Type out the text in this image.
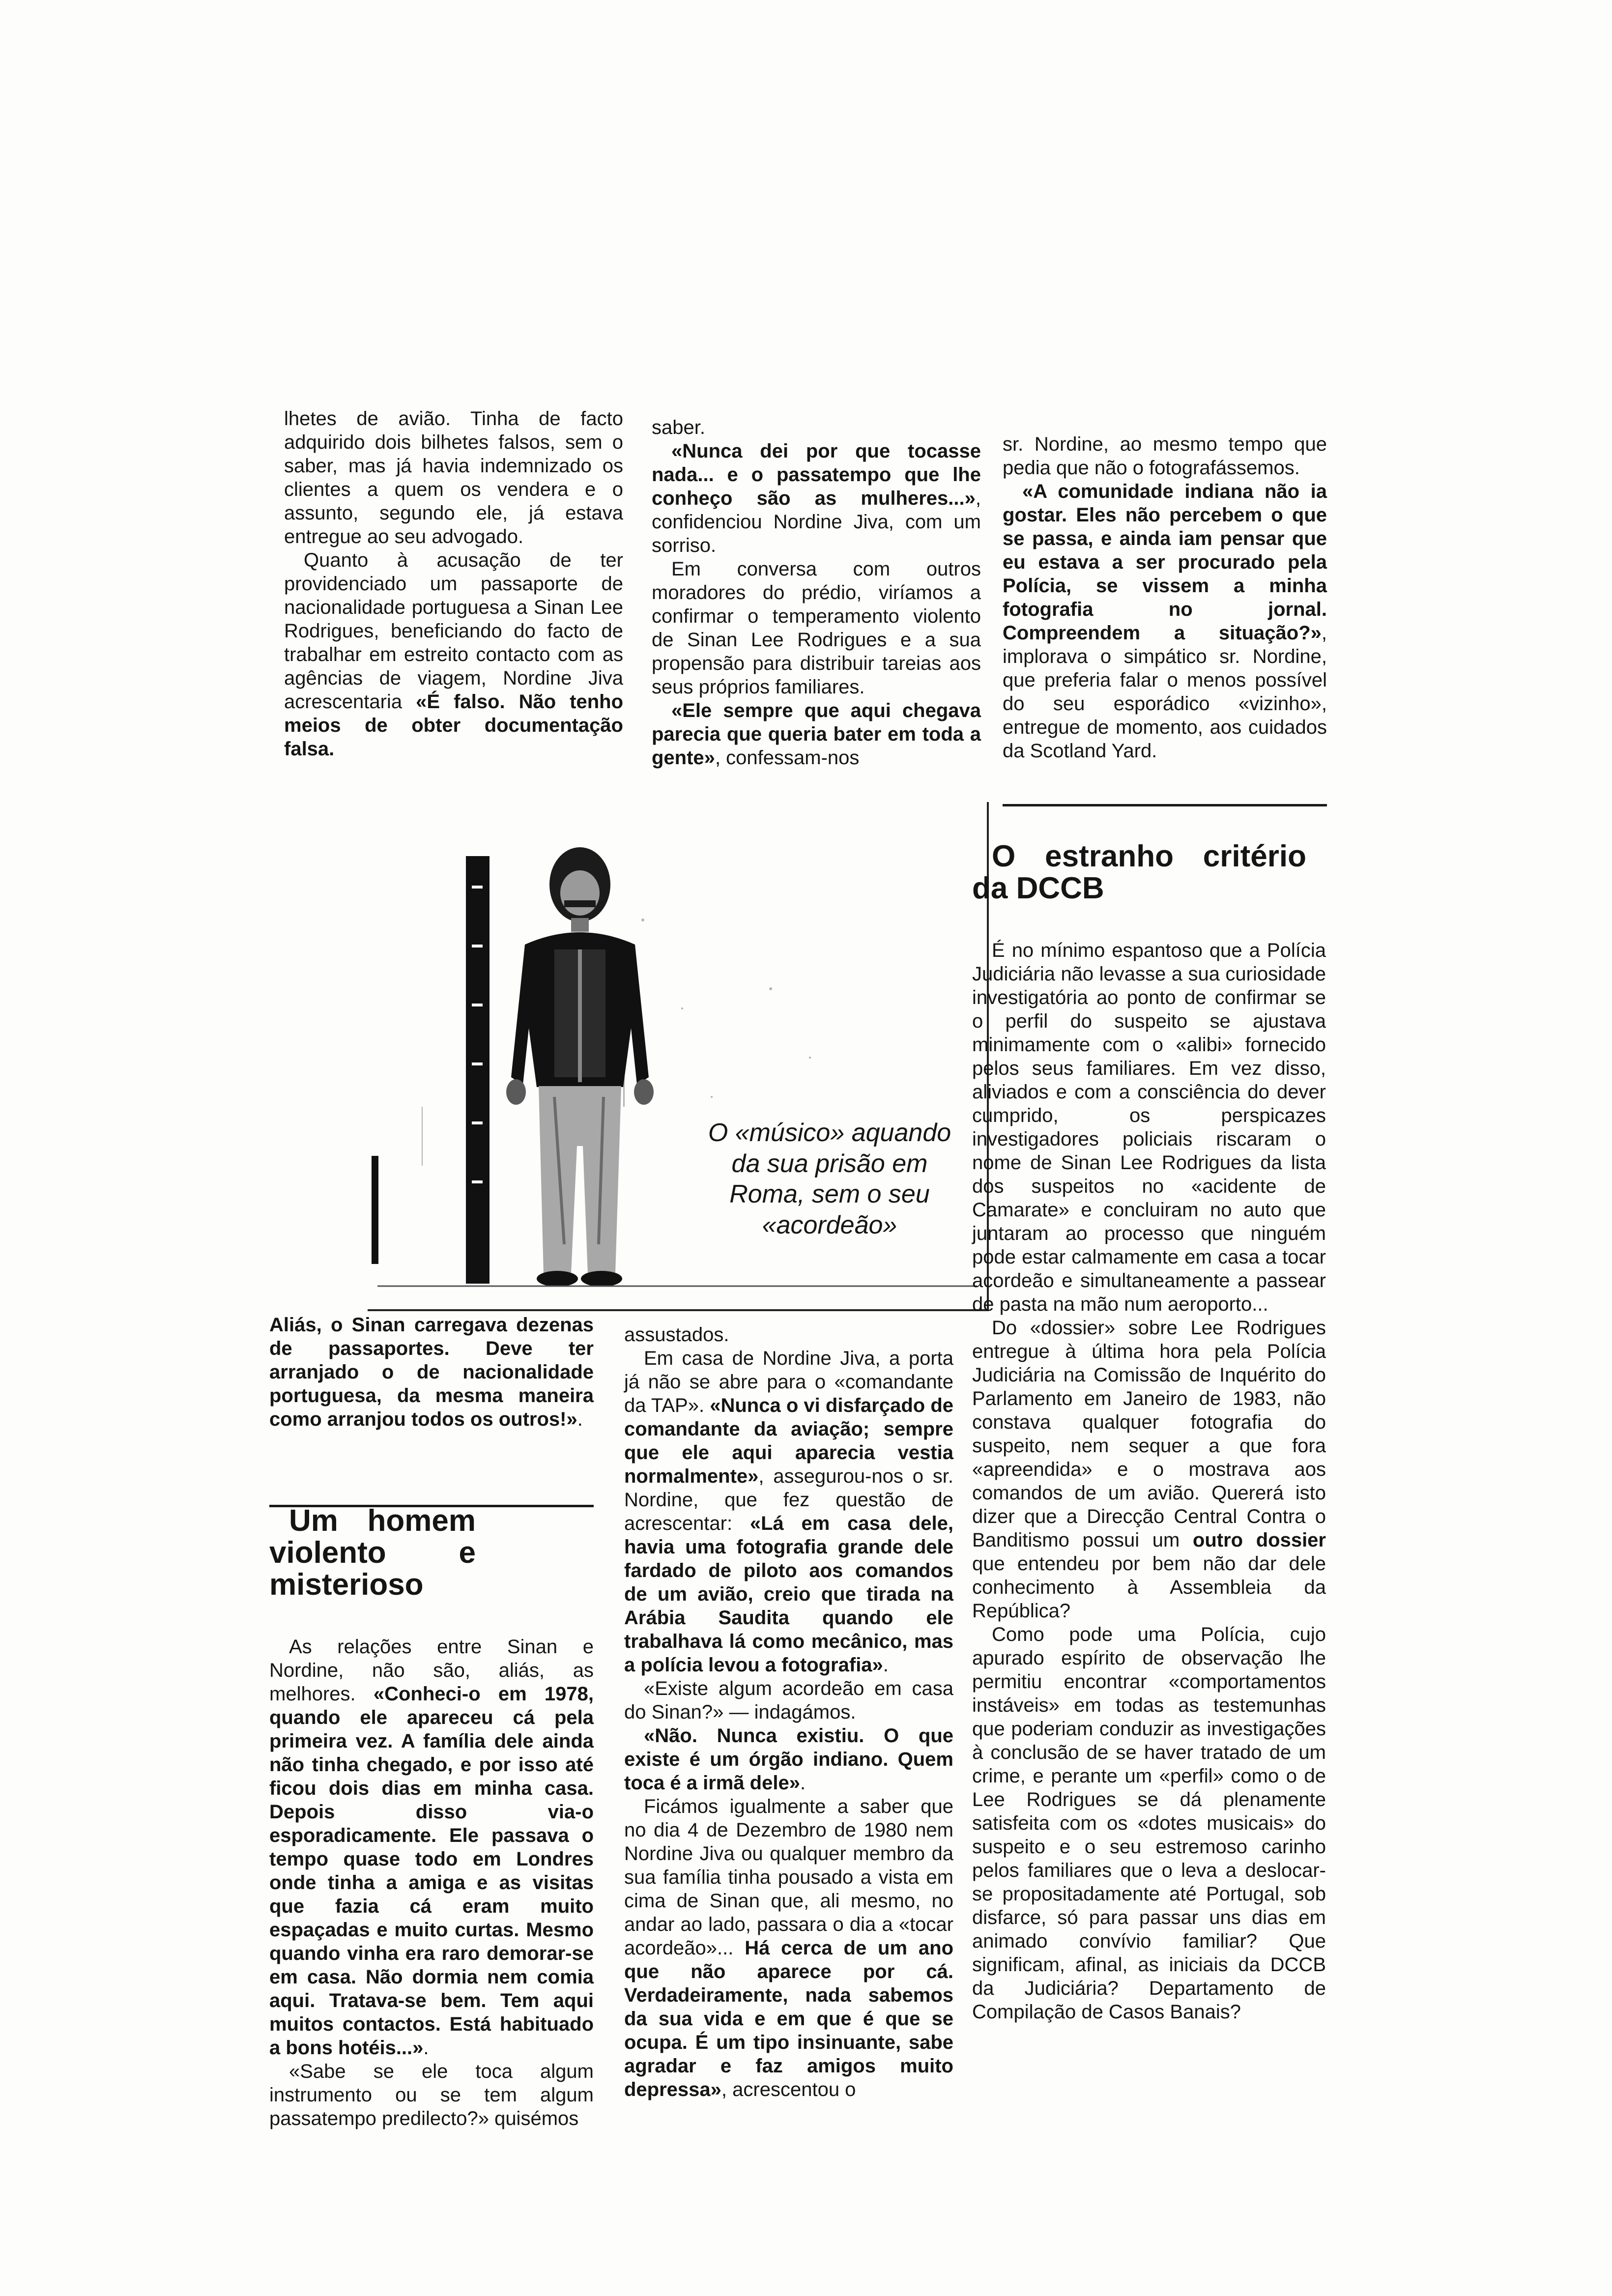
lhetes de avião. Tinha de facto adquirido dois bilhetes falsos, sem o saber, mas já havia indemnizado os clientes a quem os vendera e o assunto, segundo ele, já estava entregue ao seu advogado.

Quanto à acusação de ter providenciado um passaporte de nacionalidade portuguesa a Sinan Lee Rodrigues, beneficiando do facto de trabalhar em estreito contacto com as agências de viagem, Nordine Jiva acrescentaria «É falso. Não tenho meios de obter documentação falsa.

saber.

«Nunca dei por que tocasse nada... e o passatempo que lhe conheço são as mulheres...», confidenciou Nordine Jiva, com um sorriso.

Em conversa com outros moradores do prédio, viríamos a confirmar o temperamento violento de Sinan Lee Rodrigues e a sua propensão para distribuir tareias aos seus próprios familiares.

«Ele sempre que aqui chegava parecia que queria bater em toda a gente», confessam-nos

sr. Nordine, ao mesmo tempo que pedia que não o fotografássemos.

«A comunidade indiana não ia gostar. Eles não percebem o que se passa, e ainda iam pensar que eu estava a ser procurado pela Polícia, se vissem a minha fotografia no jornal. Compreendem a situação?», implorava o simpático sr. Nordine, que preferia falar o menos possível do seu esporádico «vizinho», entregue de momento, aos cuidados da Scotland Yard.

O «músico» aquando da sua prisão em Roma, sem o seu «acordeão»

Aliás, o Sinan carregava dezenas de passaportes. Deve ter arranjado o de nacionalidade portuguesa, da mesma maneira como arranjou todos os outros!».

Um homem violento e misterioso

As relações entre Sinan e Nordine, não são, aliás, as melhores. «Conheci-o em 1978, quando ele apareceu cá pela primeira vez. A família dele ainda não tinha chegado, e por isso até ficou dois dias em minha casa. Depois disso via-o esporadicamente. Ele passava o tempo quase todo em Londres onde tinha a amiga e as visitas que fazia cá eram muito espaçadas e muito curtas. Mesmo quando vinha era raro demorar-se em casa. Não dormia nem comia aqui. Tratava-se bem. Tem aqui muitos contactos. Está habituado a bons hotéis...».

«Sabe se ele toca algum instrumento ou se tem algum passatempo predilecto?» quisémos

assustados.

Em casa de Nordine Jiva, a porta já não se abre para o «comandante da TAP». «Nunca o vi disfarçado de comandante da aviação; sempre que ele aqui aparecia vestia normalmente», assegurou-nos o sr. Nordine, que fez questão de acrescentar: «Lá em casa dele, havia uma fotografia grande dele fardado de piloto aos comandos de um avião, creio que tirada na Arábia Saudita quando ele trabalhava lá como mecânico, mas a polícia levou a fotografia».

«Existe algum acordeão em casa do Sinan?» — indagámos.

«Não. Nunca existiu. O que existe é um órgão indiano. Quem toca é a irmã dele».

Ficámos igualmente a saber que no dia 4 de Dezembro de 1980 nem Nordine Jiva ou qualquer membro da sua família tinha pousado a vista em cima de Sinan que, ali mesmo, no andar ao lado, passara o dia a «tocar acordeão»... Há cerca de um ano que não aparece por cá. Verdadeiramente, nada sabemos da sua vida e em que é que se ocupa. É um tipo insinuante, sabe agradar e faz amigos muito depressa», acrescentou o

O estranho critério da DCCB

É no mínimo espantoso que a Polícia Judiciária não levasse a sua curiosidade investigatória ao ponto de confirmar se o perfil do suspeito se ajustava minimamente com o «alibi» fornecido pelos seus familiares. Em vez disso, aliviados e com a consciência do dever cumprido, os perspicazes investigadores policiais riscaram o nome de Sinan Lee Rodrigues da lista dos suspeitos no «acidente de Camarate» e concluiram no auto que juntaram ao processo que ninguém pode estar calmamente em casa a tocar acordeão e simultaneamente a passear de pasta na mão num aeroporto...

Do «dossier» sobre Lee Rodrigues entregue à última hora pela Polícia Judiciária na Comissão de Inquérito do Parlamento em Janeiro de 1983, não constava qualquer fotografia do suspeito, nem sequer a que fora «apreendida» e o mostrava aos comandos de um avião. Quererá isto dizer que a Direcção Central Contra o Banditismo possui um outro dossier que entendeu por bem não dar dele conhecimento à Assembleia da República?

Como pode uma Polícia, cujo apurado espírito de observação lhe permitiu encontrar «comportamentos instáveis» em todas as testemunhas que poderiam conduzir as investigações à conclusão de se haver tratado de um crime, e perante um «perfil» como o de Lee Rodrigues se dá plenamente satisfeita com os «dotes musicais» do suspeito e o seu estremoso carinho pelos familiares que o leva a deslocar-se propositadamente até Portugal, sob disfarce, só para passar uns dias em animado convívio familiar? Que significam, afinal, as iniciais da DCCB da Judiciária? Departamento de Compilação de Casos Banais?
